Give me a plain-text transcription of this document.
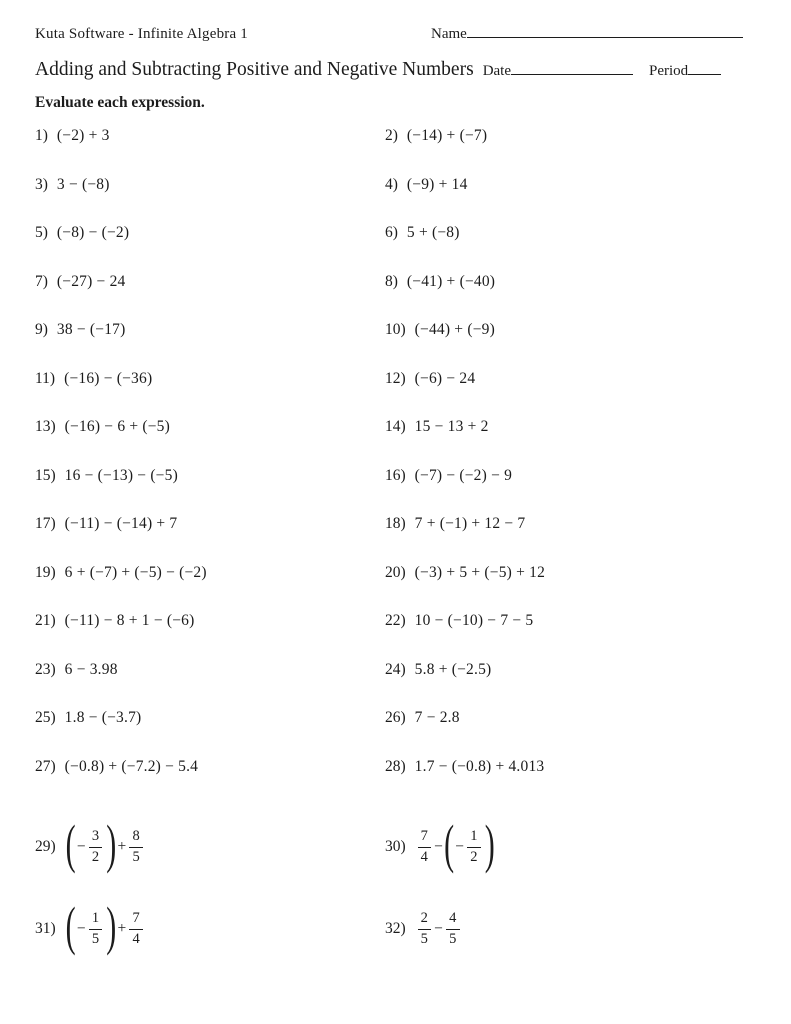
Kuta Software - Infinite Algebra 1	Name
Adding and Subtracting Positive and Negative Numbers Date	Period
Evaluate each expression.
1) (−2) + 3	2) (−14) + (−7)
3) 3 − (−8)	4) (−9) + 14
5) (−8) − (−2)	6) 5 + (−8)
7) (−27) − 24	8) (−41) + (−40)
9) 38 − (−17)	10) (−44) + (−9)
11) (−16) − (−36)	12) (−6) − 24
13) (−16) − 6 + (−5)	14) 15 − 13 + 2
15) 16 − (−13) − (−5)	16) (−7) − (−2) − 9
17) (−11) − (−14) + 7	18) 7 + (−1) + 12 − 7
19) 6 + (−7) + (−5) − (−2)	20) (−3) + 5 + (−5) + 12
21) (−11) − 8 + 1 − (−6)	22) 10 − (−10) − 7 − 5
23) 6 − 3.98	24) 5.8 + (−2.5)
25) 1.8 − (−3.7)	26) 7 − 2.8
27) (−0.8) + (−7.2) − 5.4	28) 1.7 − (−0.8) + 4.013
29) (− $\frac{3}{2}$ )+ $\frac{8}{5}$	$30) \frac{7}{4}$ −(− $\frac{1}{2}$ )
31) (− $\frac{1}{5}$ )+ $\frac{7}{4}$	$32) \frac{2}{5} - \frac{4}{5}$
